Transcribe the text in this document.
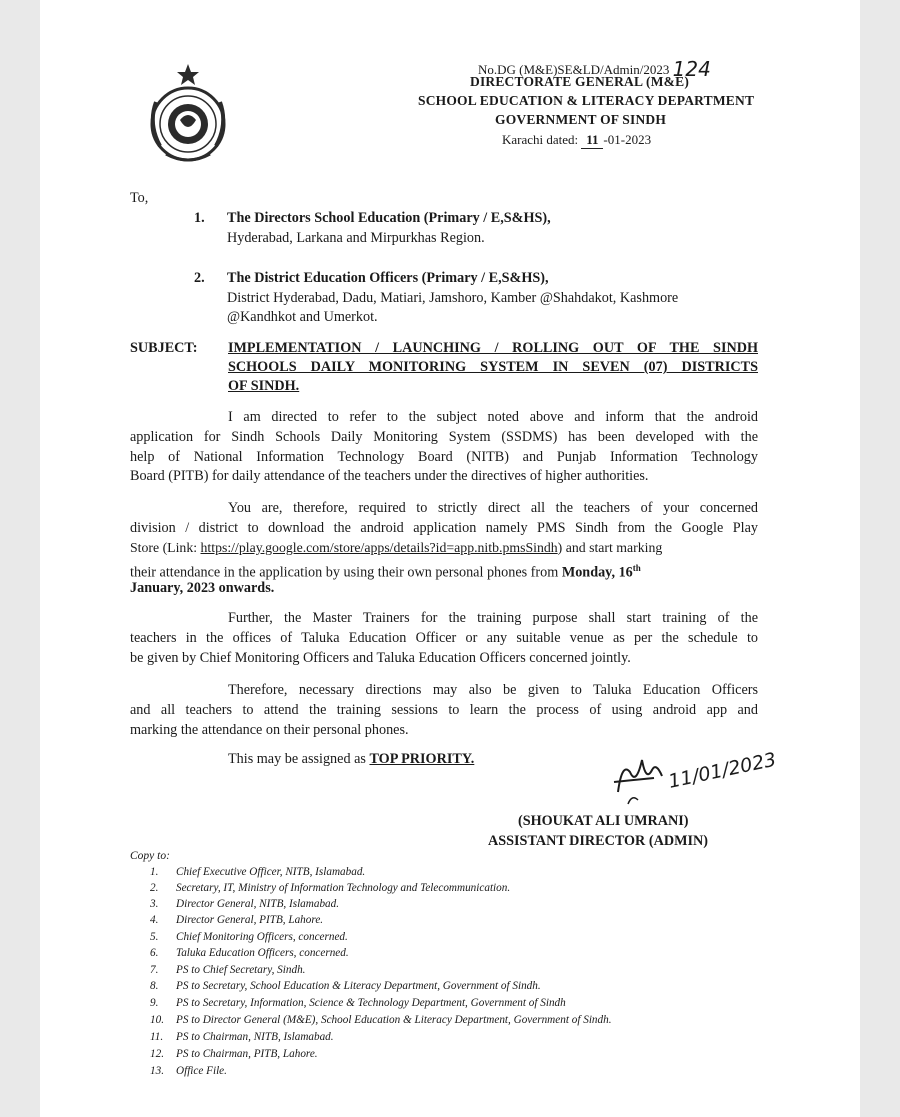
No.DG (M&E)SE&LD/Admin/2023 124
DIRECTORATE GENERAL (M&E)
SCHOOL EDUCATION & LITERACY DEPARTMENT
GOVERNMENT OF SINDH
Karachi dated: 11 -01-2023
To,
1. The Directors School Education (Primary / E,S&HS),
Hyderabad, Larkana and Mirpurkhas Region.
2. The District Education Officers (Primary / E,S&HS),
District Hyderabad, Dadu, Matiari, Jamshoro, Kamber @Shahdakot, Kashmore
@Kandhkot and Umerkot.
SUBJECT: IMPLEMENTATION / LAUNCHING / ROLLING OUT OF THE SINDH
SCHOOLS DAILY MONITORING SYSTEM IN SEVEN (07) DISTRICTS
OF SINDH.
I am directed to refer to the subject noted above and inform that the android
application for Sindh Schools Daily Monitoring System (SSDMS) has been developed with the
help of National Information Technology Board (NITB) and Punjab Information Technology
Board (PITB) for daily attendance of the teachers under the directives of higher authorities.
You are, therefore, required to strictly direct all the teachers of your concerned
division / district to download the android application namely PMS Sindh from the Google Play
Store (Link: https://play.google.com/store/apps/details?id=app.nitb.pmsSindh) and start marking
their attendance in the application by using their own personal phones from Monday, 16th
January, 2023 onwards.
Further, the Master Trainers for the training purpose shall start training of the
teachers in the offices of Taluka Education Officer or any suitable venue as per the schedule to
be given by Chief Monitoring Officers and Taluka Education Officers concerned jointly.
Therefore, necessary directions may also be given to Taluka Education Officers
and all teachers to attend the training sessions to learn the process of using android app and
marking the attendance on their personal phones.
This may be assigned as TOP PRIORITY.	11/01/2023
(SHOUKAT ALI UMRANI)
ASSISTANT DIRECTOR (ADMIN)
Copy to:
1. Chief Executive Officer, NITB, Islamabad.
2. Secretary, IT, Ministry of Information Technology and Telecommunication.
3. Director General, NITB, Islamabad.
4. Director General, PITB, Lahore.
5. Chief Monitoring Officers, concerned.
6. Taluka Education Officers, concerned.
7. PS to Chief Secretary, Sindh.
8. PS to Secretary, School Education & Literacy Department, Government of Sindh.
9. PS to Secretary, Information, Science & Technology Department, Government of Sindh
10. PS to Director General (M&E), School Education & Literacy Department, Government of Sindh.
11. PS to Chairman, NITB, Islamabad.
12. PS to Chairman, PITB, Lahore.
13. Office File.
